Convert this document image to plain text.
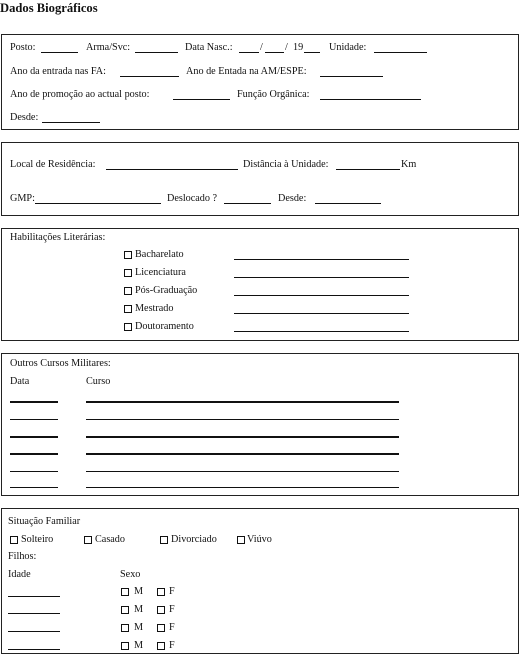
Dados Biográficos
Posto:	Arma/Svc:	Data Nasc.:	/ / 19	Unidade:
Ano da entrada nas FA:	Ano de Entada na AM/ESPE:
Ano de promoção ao actual posto:	Função Orgânica:
Desde:
Local de Residência:	Distância à Unidade:	Km
GMP:	Deslocado ?	Desde:
Habilitações Literárias:
Bacharelato
Licenciatura
Pós-Graduação
Mestrado
Doutoramento
Outros Cursos Militares:
Data	Curso
Situação Familiar
Solteiro	Casado	Divorciado	Viúvo
Filhos:
Idade	Sexo
M	F
M	F
M	F
M	F
